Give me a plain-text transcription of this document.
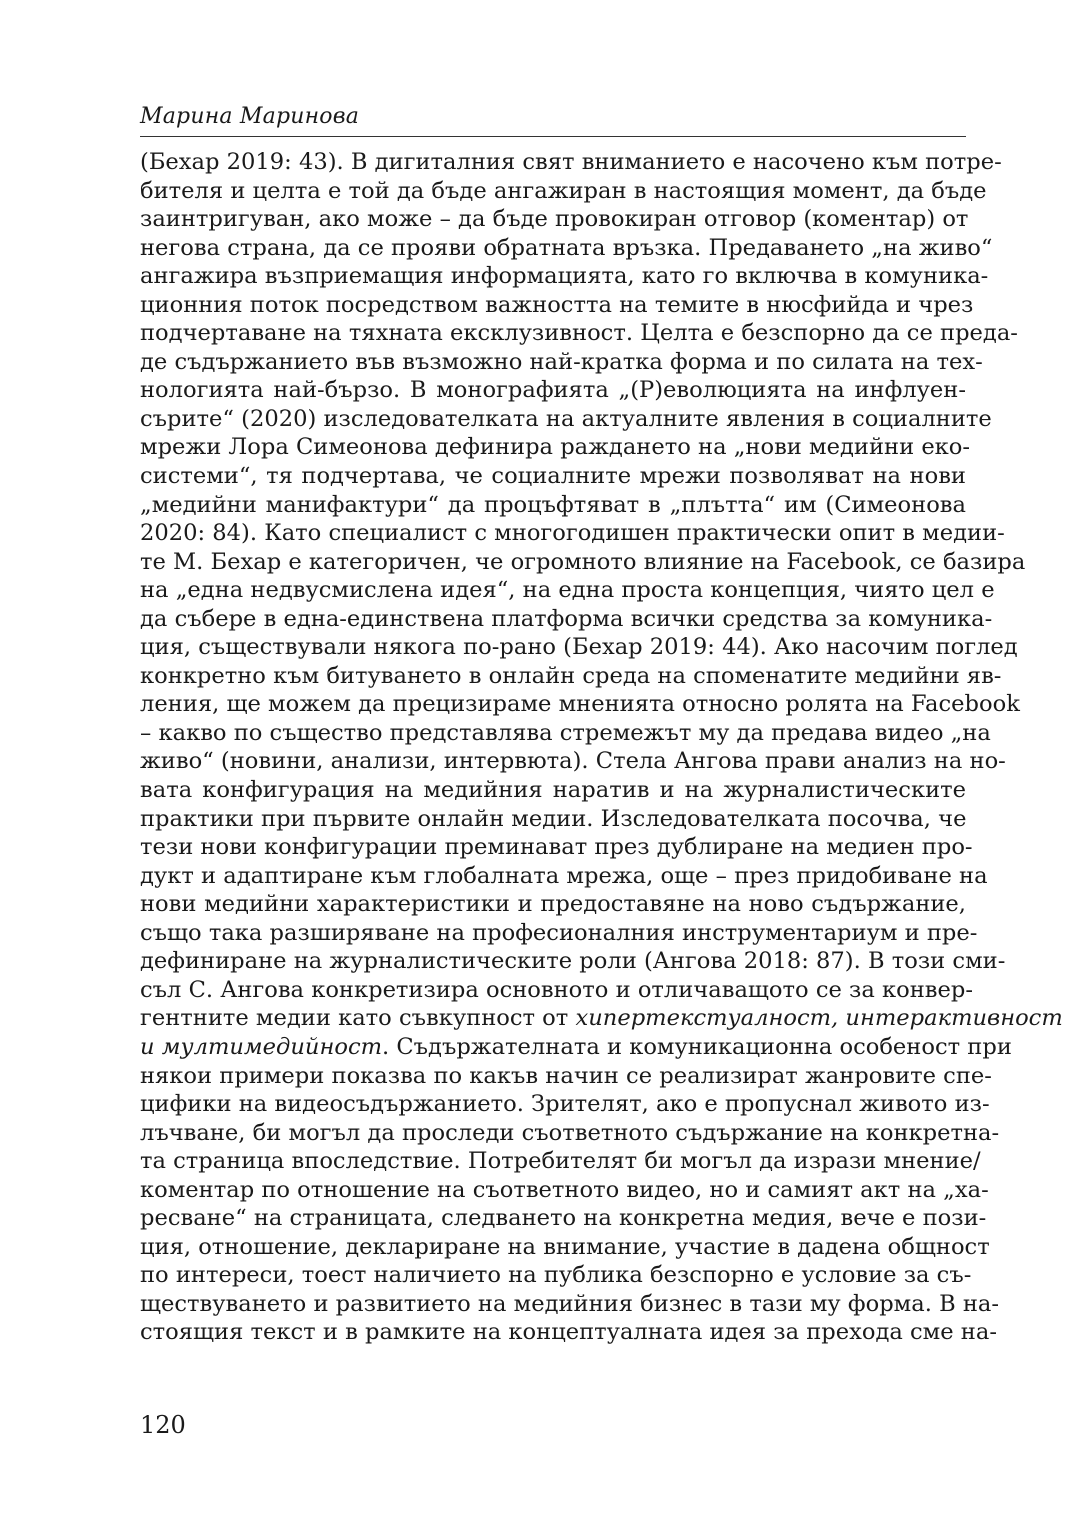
Марина Маринова
(Бехар 2019: 43). В дигиталния свят вниманието е насочено към потре-
бителя и целта е той да бъде ангажиран в настоящия момент, да бъде
заинтригуван, ако може – да бъде провокиран отговор (коментар) от
негова страна, да се прояви обратната връзка. Предаването „на живо“
ангажира възприемащия информацията, като го включва в комуника-
ционния поток посредством важността на темите в нюсфийда и чрез
подчертаване на тяхната ексклузивност. Целта е безспорно да се преда-
де съдържанието във възможно най-кратка форма и по силата на тех-
нологията най-бързо. В монографията „(Р)еволюцията на инфлуен-
сърите“ (2020) изследователката на актуалните явления в социалните
мрежи Лора Симеонова дефинира раждането на „нови медийни еко-
системи“, тя подчертава, че социалните мрежи позволяват на нови
„медийни манифактури“ да процъфтяват в „плътта“ им (Симеонова
2020: 84). Като специалист с многогодишен практически опит в медии-
те М. Бехар е категоричен, че огромното влияние на Facebook, се базира
на „една недвусмислена идея“, на една проста концепция, чиято цел е
да събере в една-единствена платформа всички средства за комуника-
ция, съществували някога по-рано (Бехар 2019: 44). Ако насочим поглед
конкретно към битуването в онлайн среда на споменатите медийни яв-
ления, ще можем да прецизираме мненията относно ролята на Facebook
– какво по същество представлява стремежът му да предава видео „на
живо“ (новини, анализи, интервюта). Стела Ангова прави анализ на но-
вата конфигурация на медийния наратив и на журналистическите
практики при първите онлайн медии. Изследователката посочва, че
тези нови конфигурации преминават през дублиране на медиен про-
дукт и адаптиране към глобалната мрежа, още – през придобиване на
нови медийни характеристики и предоставяне на ново съдържание,
също така разширяване на професионалния инструментариум и пре-
дефиниране на журналистическите роли (Ангова 2018: 87). В този сми-
съл С. Ангова конкретизира основното и отличаващото се за конвер-
гентните медии като съвкупност от хипертекстуалност, интерактивност
и мултимедийност. Съдържателната и комуникационна особеност при
някои примери показва по какъв начин се реализират жанровите спе-
цифики на видеосъдържанието. Зрителят, ако е пропуснал живото из-
лъчване, би могъл да проследи съответното съдържание на конкретна-
та страница впоследствие. Потребителят би могъл да изрази мнение/
коментар по отношение на съответното видео, но и самият акт на „ха-
ресване“ на страницата, следването на конкретна медия, вече е пози-
ция, отношение, деклариране на внимание, участие в дадена общност
по интереси, тоест наличието на публика безспорно е условие за съ-
ществуването и развитието на медийния бизнес в тази му форма. В на-
стоящия текст и в рамките на концептуалната идея за прехода сме на-
120
